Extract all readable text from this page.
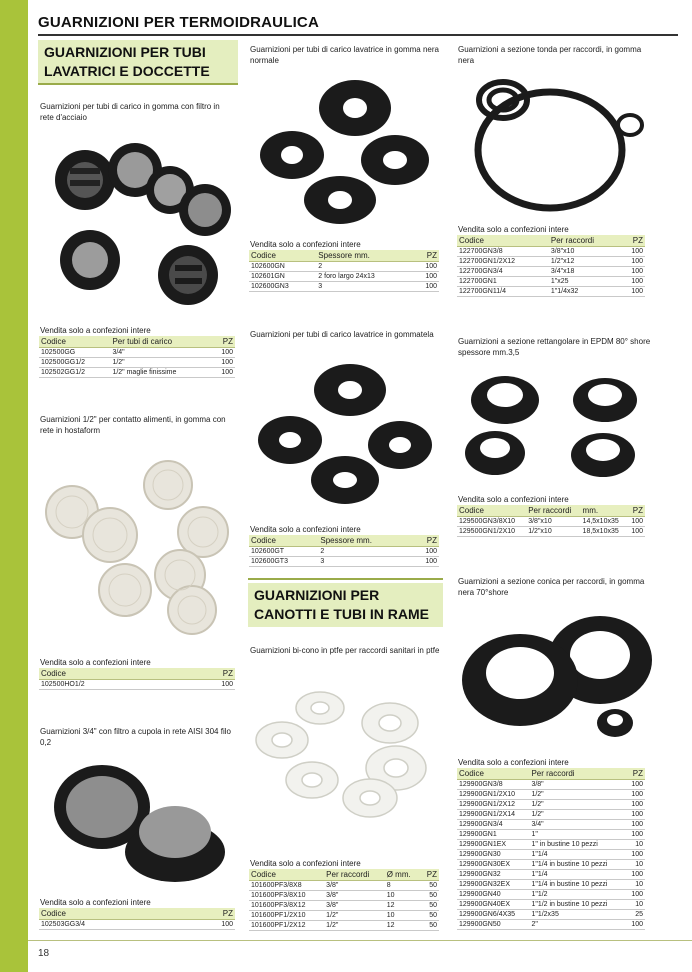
GUARNIZIONI PER TERMOIDRAULICA
GUARNIZIONI PER TUBI LAVATRICI E DOCCETTE
Guarnizioni per tubi di carico in gomma con filtro in rete d'acciaio
Vendita solo a confezioni intere
Codice	Per tubi di carico	PZ
102500GG	3/4"	100
102500GG1/2	1/2"	100
102502GG1/2	1/2" maglie finissime	100
Guarnizioni 1/2" per contatto alimenti, in gomma con rete in hostaform
Vendita solo a confezioni intere
Codice	PZ
102500HO1/2	100
Guarnizioni 3/4" con filtro a cupola in rete AISI 304 filo 0,2
Vendita solo a confezioni intere
Codice	PZ
102503GG3/4	100
Guarnizioni per tubi di carico lavatrice in gomma nera normale
Vendita solo a confezioni intere
Codice	Spessore mm.	PZ
102600GN	2	100
102601GN	2 foro largo 24x13	100
102600GN3	3	100
Guarnizioni per tubi di carico lavatrice in gommatela
Vendita solo a confezioni intere
Codice	Spessore mm.	PZ
102600GT	2	100
102600GT3	3	100
GUARNIZIONI PER CANOTTI E TUBI IN RAME
Guarnizioni bi-cono in ptfe per raccordi sanitari in ptfe
Vendita solo a confezioni intere
Codice	Per raccordi	Ø mm.	PZ
101600PF3/8X8	3/8"	8	50
101600PF3/8X10	3/8"	10	50
101600PF3/8X12	3/8"	12	50
101600PF1/2X10	1/2"	10	50
101600PF1/2X12	1/2"	12	50
Guarnizioni a sezione tonda per raccordi, in gomma nera
Vendita solo a confezioni intere
Codice	Per raccordi	PZ
122700GN3/8	3/8"x10	100
122700GN1/2X12	1/2"x12	100
122700GN3/4	3/4"x18	100
122700GN1	1"x25	100
122700GN11/4	1"1/4x32	100
Guarnizioni a sezione rettangolare in EPDM 80° shore spessore mm.3,5
Vendita solo a confezioni intere
Codice	Per raccordi	mm.	PZ
129500GN3/8X10	3/8"x10	14,5x10x35	100
129500GN1/2X10	1/2"x10	18,5x10x35	100
Guarnizioni a sezione conica per raccordi, in gomma nera 70°shore
Vendita solo a confezioni intere
Codice	Per raccordi	PZ
129900GN3/8	3/8"	100
129900GN1/2X10	1/2"	100
129900GN1/2X12	1/2"	100
129900GN1/2X14	1/2"	100
129900GN3/4	3/4"	100
129900GN1	1"	100
129900GN1EX	1" in bustine 10 pezzi	10
129900GN30	1"1/4	100
129900GN30EX	1"1/4 in bustine 10 pezzi	10
129900GN32	1"1/4	100
129900GN32EX	1"1/4 in bustine 10 pezzi	10
129900GN40	1"1/2	100
129900GN40EX	1"1/2 in bustine 10 pezzi	10
129900GN6/4X35	1"1/2x35	25
129900GN50	2"	100
18
